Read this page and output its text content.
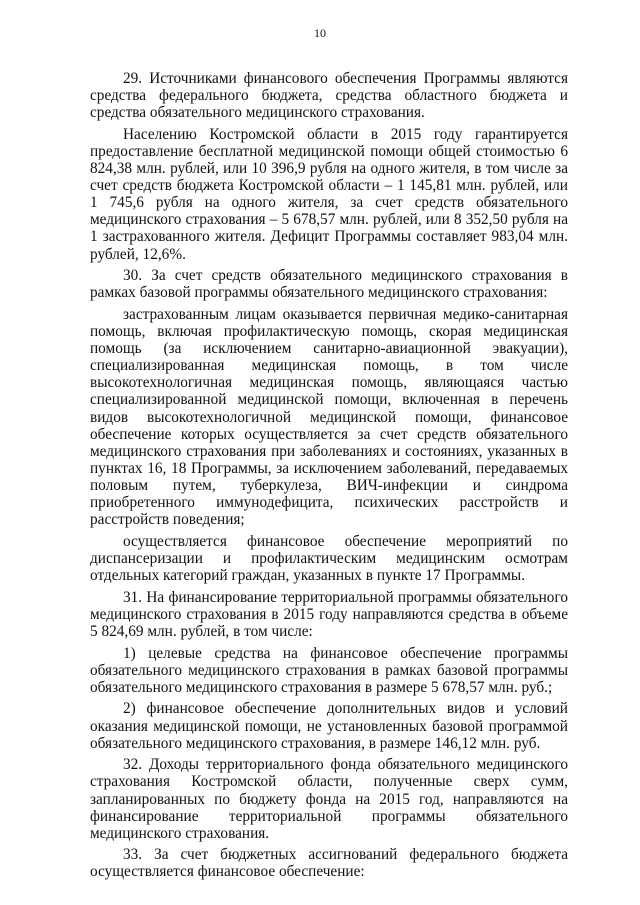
10

29. Источниками финансового обеспечения Программы являются средства федерального бюджета, средства областного бюджета и средства обязательного медицинского страхования.

Населению Костромской области в 2015 году гарантируется предоставление бесплатной медицинской помощи общей стоимостью 6 824,38 млн. рублей, или 10 396,9 рубля на одного жителя, в том числе за счет средств бюджета Костромской области – 1 145,81 млн. рублей, или 1 745,6 рубля на одного жителя, за счет средств обязательного медицинского страхования – 5 678,57 млн. рублей, или 8 352,50 рубля на 1 застрахованного жителя. Дефицит Программы составляет 983,04 млн. рублей, 12,6%.

30. За счет средств обязательного медицинского страхования в рамках базовой программы обязательного медицинского страхования:

застрахованным лицам оказывается первичная медико-санитарная помощь, включая профилактическую помощь, скорая медицинская помощь (за исключением санитарно-авиационной эвакуации), специализированная медицинская помощь, в том числе высокотехнологичная медицинская помощь, являющаяся частью специализированной медицинской помощи, включенная в перечень видов высокотехнологичной медицинской помощи, финансовое обеспечение которых осуществляется за счет средств обязательного медицинского страхования при заболеваниях и состояниях, указанных в пунктах 16, 18 Программы, за исключением заболеваний, передаваемых половым путем, туберкулеза, ВИЧ-инфекции и синдрома приобретенного иммунодефицита, психических расстройств и расстройств поведения;

осуществляется финансовое обеспечение мероприятий по диспансеризации и профилактическим медицинским осмотрам отдельных категорий граждан, указанных в пункте 17 Программы.

31. На финансирование территориальной программы обязательного медицинского страхования в 2015 году направляются средства в объеме 5 824,69 млн. рублей, в том числе:

1) целевые средства на финансовое обеспечение программы обязательного медицинского страхования в рамках базовой программы обязательного медицинского страхования в размере 5 678,57 млн. руб.;

2) финансовое обеспечение дополнительных видов и условий оказания медицинской помощи, не установленных базовой программой обязательного медицинского страхования, в размере 146,12 млн. руб.

32. Доходы территориального фонда обязательного медицинского страхования Костромской области, полученные сверх сумм, запланированных по бюджету фонда на 2015 год, направляются на финансирование территориальной программы обязательного медицинского страхования.

33. За счет бюджетных ассигнований федерального бюджета осуществляется финансовое обеспечение:
